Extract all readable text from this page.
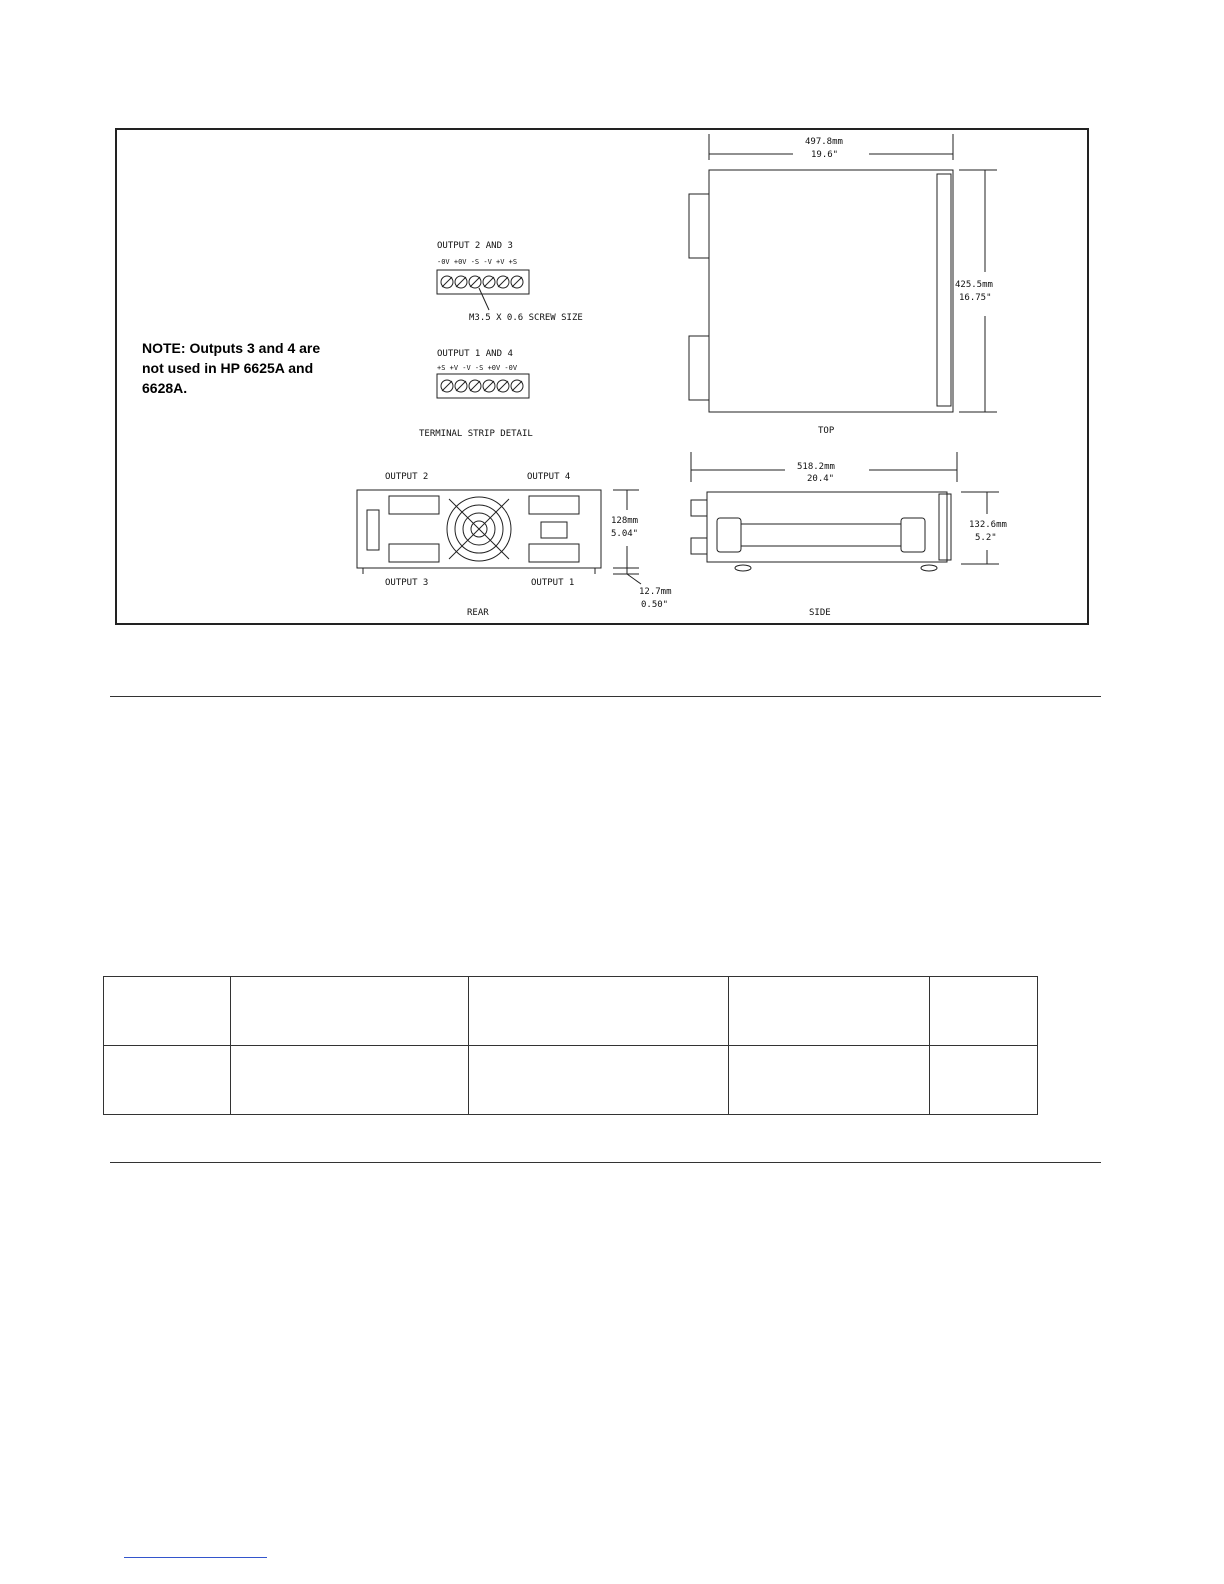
OUTPUT 2 AND 3
-0V +0V -S -V +V +S
M3.5 X 0.6 SCREW SIZE
OUTPUT 1 AND 4
+S +V -V -S +0V -0V
TERMINAL STRIP DETAIL
497.8mm
19.6"
425.5mm
16.75"
TOP
OUTPUT 2	OUTPUT 4
128mm
5.04"
12.7mm
0.50"
OUTPUT 3	OUTPUT 1
REAR
518.2mm
20.4"
132.6mm
5.2"
SIDE
NOTE: Outputs 3 and 4 are not used in HP 6625A and 6628A.
